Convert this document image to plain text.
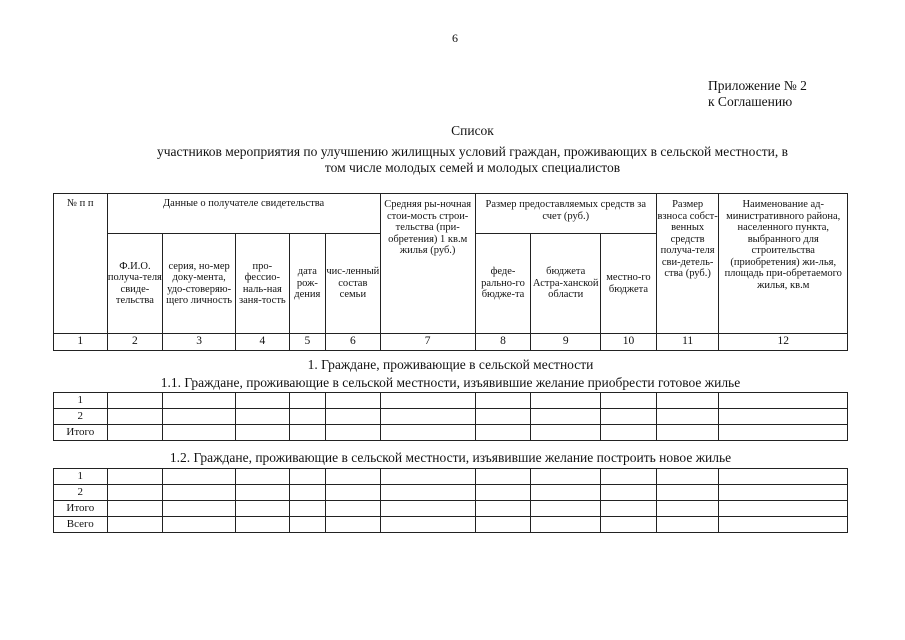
6
Приложение № 2
к Соглашению
Список
участников мероприятия по улучшению жилищных условий граждан, проживающих в сельской местности, в
том числе молодых семей и молодых специалистов
№ п п	Данные о получателе свидетельства					Средняя ры-ночная стои-мость строи-тельства (при-обретения) 1 кв.м жилья (руб.)	Размер предоставляемых средств за счет (руб.)			Размер взноса собст-венных средств получа-теля сви-детель-ства (руб.)	Наименование ад-министративного района, населенного пункта, выбранного для строительства (приобретения) жи-лья, площадь при-обретаемого жилья, кв.м
	Ф.И.О. получа-теля свиде-тельства	серия, но-мер доку-мента, удо-стоверяю-щего личность	про-фессио-наль-ная заня-тость	дата рож-дения	чис-ленный состав семьи		феде-рально-го бюдже-та	бюджета Астра-ханской области	местно-го бюджета		
1	2	3	4	5	6	7	8	9	10	11	12
1. Граждане, проживающие в сельской местности
1.1. Граждане, проживающие в сельской местности, изъявившие желание приобрести готовое жилье
1											
2											
Итого											
1.2. Граждане, проживающие в сельской местности, изъявившие желание построить новое жилье
1											
2											
Итого											
Всего											
